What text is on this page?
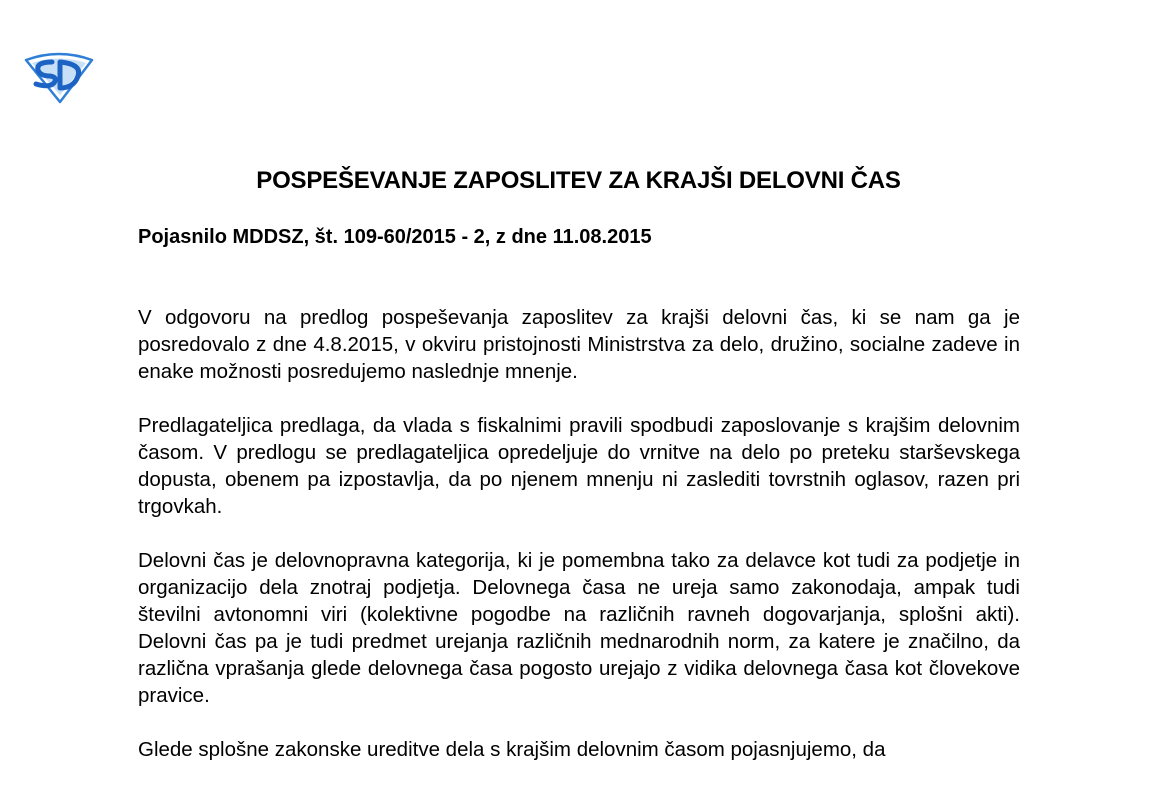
POSPEŠEVANJE ZAPOSLITEV ZA KRAJŠI DELOVNI ČAS
Pojasnilo MDDSZ, št. 109-60/2015 - 2, z dne 11.08.2015

V odgovoru na predlog pospeševanja zaposlitev za krajši delovni čas, ki se nam ga je posredovalo z dne 4.8.2015, v okviru pristojnosti Ministrstva za delo, družino, socialne zadeve in enake možnosti posredujemo naslednje mnenje.

Predlagateljica predlaga, da vlada s fiskalnimi pravili spodbudi zaposlovanje s krajšim delovnim časom. V predlogu se predlagateljica opredeljuje do vrnitve na delo po preteku starševskega dopusta, obenem pa izpostavlja, da po njenem mnenju ni zaslediti tovrstnih oglasov, razen pri trgovkah.

Delovni čas je delovnopravna kategorija, ki je pomembna tako za delavce kot tudi za podjetje in organizacijo dela znotraj podjetja. Delovnega časa ne ureja samo zakonodaja, ampak tudi številni avtonomni viri (kolektivne pogodbe na različnih ravneh dogovarjanja, splošni akti). Delovni čas pa je tudi predmet urejanja različnih mednarodnih norm, za katere je značilno, da različna vprašanja glede delovnega časa pogosto urejajo z vidika delovnega časa kot človekove pravice.

Glede splošne zakonske ureditve dela s krajšim delovnim časom pojasnjujemo, da
